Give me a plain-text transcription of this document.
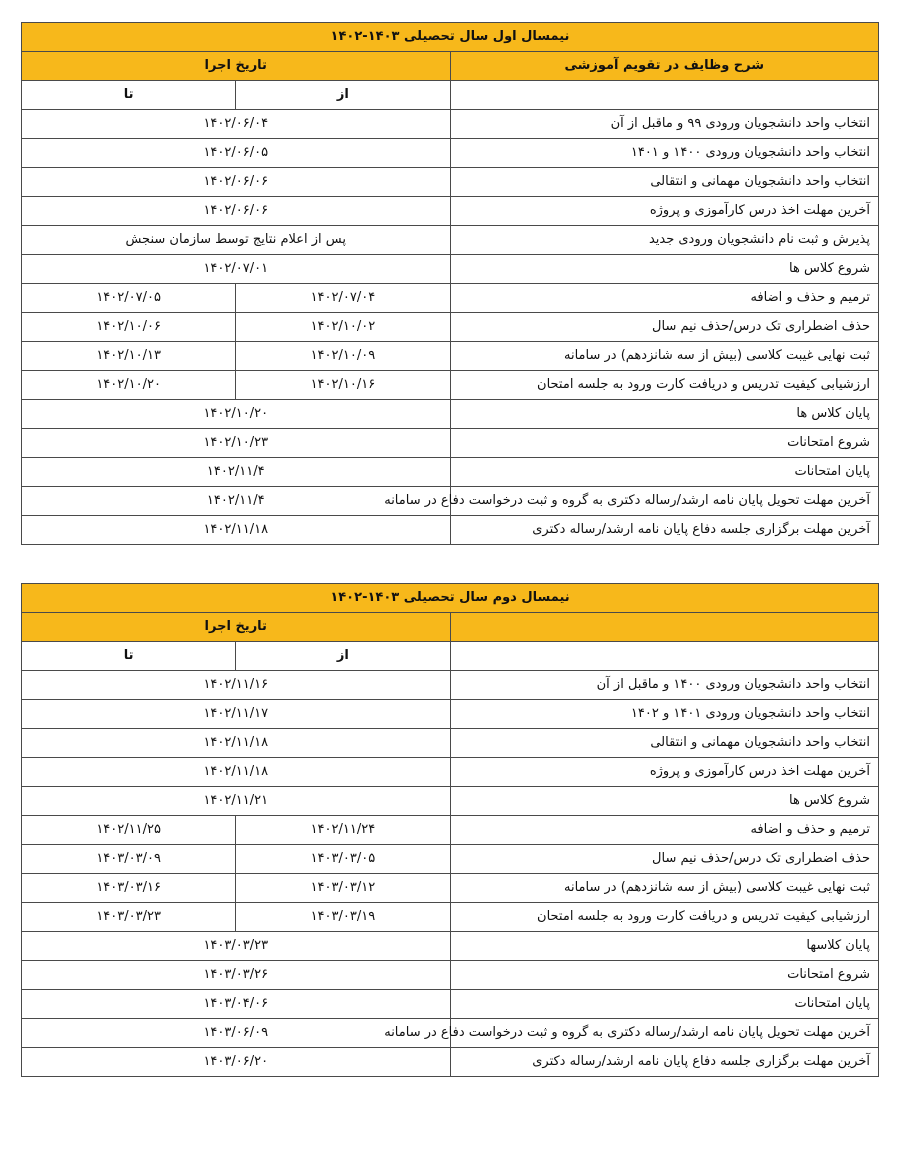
نیمسال اول سال تحصیلی ۱۴۰۳-۱۴۰۲		
شرح وظایف در تقویم آموزشی	تاریخ اجرا	
	از	تا
انتخاب واحد دانشجویان ورودی ۹۹ و ماقبل از آن	۱۴۰۲/۰۶/۰۴	
انتخاب واحد دانشجویان ورودی ۱۴۰۰ و ۱۴۰۱	۱۴۰۲/۰۶/۰۵	
انتخاب واحد دانشجویان مهمانی و انتقالی	۱۴۰۲/۰۶/۰۶	
آخرین مهلت اخذ درس کارآموزی و پروژه	۱۴۰۲/۰۶/۰۶	
پذیرش و ثبت نام دانشجویان ورودی جدید	پس از اعلام نتایج توسط سازمان سنجش	
شروع کلاس ها	۱۴۰۲/۰۷/۰۱	
ترمیم و حذف و اضافه	۱۴۰۲/۰۷/۰۴	۱۴۰۲/۰۷/۰۵
حذف اضطراری تک درس/حذف نیم سال	۱۴۰۲/۱۰/۰۲	۱۴۰۲/۱۰/۰۶
ثبت نهایی غیبت کلاسی (بیش از سه شانزدهم) در سامانه	۱۴۰۲/۱۰/۰۹	۱۴۰۲/۱۰/۱۳
ارزشیابی کیفیت تدریس و دریافت کارت ورود به جلسه امتحان	۱۴۰۲/۱۰/۱۶	۱۴۰۲/۱۰/۲۰
پایان کلاس ها	۱۴۰۲/۱۰/۲۰	
شروع امتحانات	۱۴۰۲/۱۰/۲۳	
پایان امتحانات	۱۴۰۲/۱۱/۴	
آخرین مهلت تحویل پایان نامه ارشد/رساله دکتری به گروه و ثبت درخواست دفاع در سامانه	۱۴۰۲/۱۱/۴	
آخرین مهلت برگزاری جلسه دفاع پایان نامه ارشد/رساله دکتری	۱۴۰۲/۱۱/۱۸	
نیمسال دوم سال تحصیلی ۱۴۰۳-۱۴۰۲		
	تاریخ اجرا	
	از	تا
انتخاب واحد دانشجویان ورودی ۱۴۰۰ و ماقبل از آن	۱۴۰۲/۱۱/۱۶	
انتخاب واحد دانشجویان ورودی ۱۴۰۱ و ۱۴۰۲	۱۴۰۲/۱۱/۱۷	
انتخاب واحد دانشجویان مهمانی و انتقالی	۱۴۰۲/۱۱/۱۸	
آخرین مهلت اخذ درس کارآموزی و پروژه	۱۴۰۲/۱۱/۱۸	
شروع کلاس ها	۱۴۰۲/۱۱/۲۱	
ترمیم و حذف و اضافه	۱۴۰۲/۱۱/۲۴	۱۴۰۲/۱۱/۲۵
حذف اضطراری تک درس/حذف نیم سال	۱۴۰۳/۰۳/۰۵	۱۴۰۳/۰۳/۰۹
ثبت نهایی غیبت کلاسی (بیش از سه شانزدهم) در سامانه	۱۴۰۳/۰۳/۱۲	۱۴۰۳/۰۳/۱۶
ارزشیابی کیفیت تدریس و دریافت کارت ورود به جلسه امتحان	۱۴۰۳/۰۳/۱۹	۱۴۰۳/۰۳/۲۳
پایان کلاسها	۱۴۰۳/۰۳/۲۳	
شروع امتحانات	۱۴۰۳/۰۳/۲۶	
پایان امتحانات	۱۴۰۳/۰۴/۰۶	
آخرین مهلت تحویل پایان نامه ارشد/رساله دکتری به گروه و ثبت درخواست دفاع در سامانه	۱۴۰۳/۰۶/۰۹	
آخرین مهلت برگزاری جلسه دفاع پایان نامه ارشد/رساله دکتری	۱۴۰۳/۰۶/۲۰	
